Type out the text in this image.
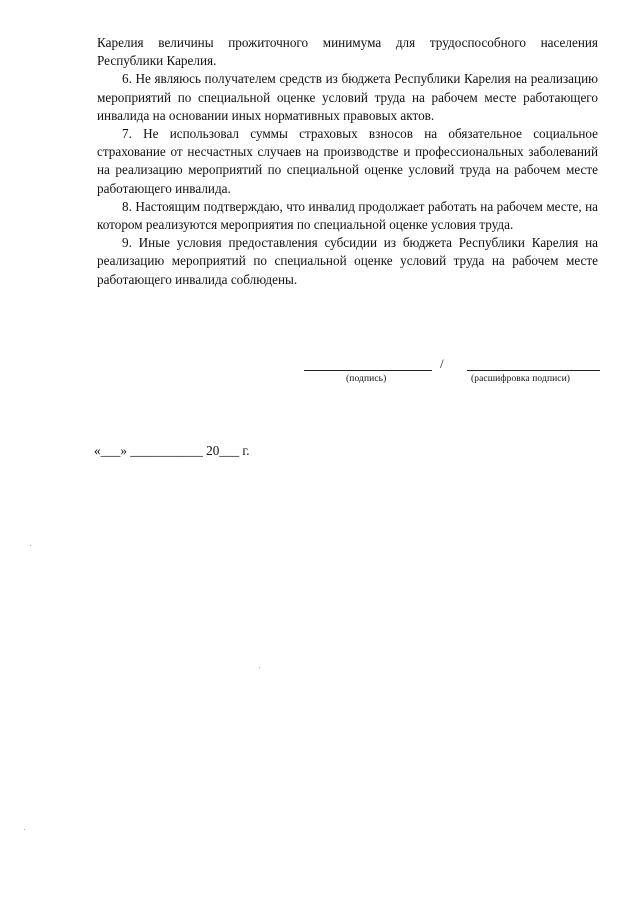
Карелия величины прожиточного минимума для трудоспособного населения Республики Карелия.

6. Не являюсь получателем средств из бюджета Республики Карелия на реализацию мероприятий по специальной оценке условий труда на рабочем месте работающего инвалида на основании иных нормативных правовых актов.

7. Не использовал суммы страховых взносов на обязательное социальное страхование от несчастных случаев на производстве и профессиональных заболеваний на реализацию мероприятий по специальной оценке условий труда на рабочем месте работающего инвалида.

8. Настоящим подтверждаю, что инвалид продолжает работать на рабочем месте, на котором реализуются мероприятия по специальной оценке условия труда.

9. Иные условия предоставления субсидии из бюджета Республики Карелия на реализацию мероприятий по специальной оценке условий труда на рабочем месте работающего инвалида соблюдены.

/
(подпись)	(расшифровка подписи)
«___» ___________ 20___ г.
